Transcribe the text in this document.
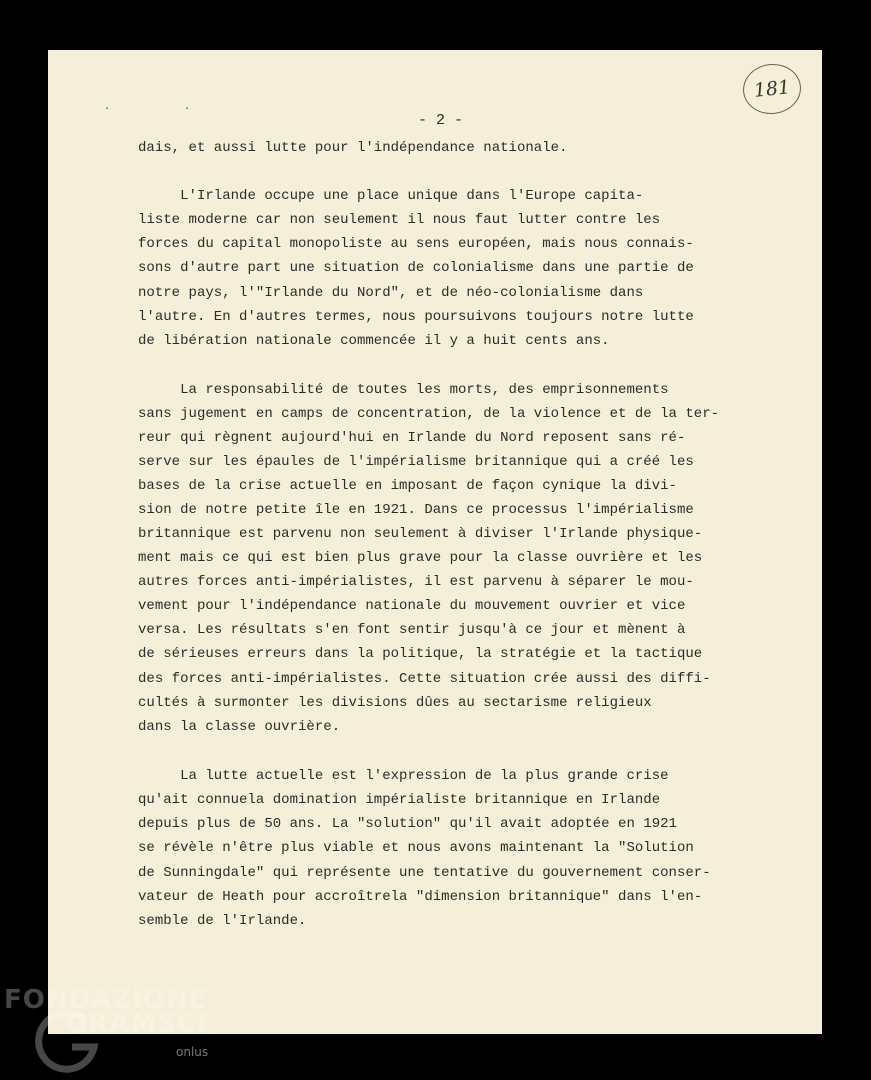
181
· ·
- 2 -

dais, et aussi lutte pour l'indépendance nationale.

L'Irlande occupe une place unique dans l'Europe capita-

liste moderne car non seulement il nous faut lutter contre les

forces du capital monopoliste au sens européen, mais nous connais-

sons d'autre part une situation de colonialisme dans une partie de

notre pays, l'"Irlande du Nord", et de néo-colonialisme dans

l'autre. En d'autres termes, nous poursuivons toujours notre lutte

de libération nationale commencée il y a huit cents ans.

La responsabilité de toutes les morts, des emprisonnements

sans jugement en camps de concentration, de la violence et de la ter-

reur qui règnent aujourd'hui en Irlande du Nord reposent sans ré-

serve sur les épaules de l'impérialisme britannique qui a créé les

bases de la crise actuelle en imposant de façon cynique la divi-

sion de notre petite île en 1921. Dans ce processus l'impérialisme

britannique est parvenu non seulement à diviser l'Irlande physique-

ment mais ce qui est bien plus grave pour la classe ouvrière et les

autres forces anti-impérialistes, il est parvenu à séparer le mou-

vement pour l'indépendance nationale du mouvement ouvrier et vice

versa. Les résultats s'en font sentir jusqu'à ce jour et mènent à

de sérieuses erreurs dans la politique, la stratégie et la tactique

des forces anti-impérialistes. Cette situation crée aussi des diffi-

cultés à surmonter les divisions dûes au sectarisme religieux

dans la classe ouvrière.

La lutte actuelle est l'expression de la plus grande crise

qu'ait connuela domination impérialiste britannique en Irlande

depuis plus de 50 ans. La "solution" qu'il avait adoptée en 1921

se révèle n'être plus viable et nous avons maintenant la "Solution

de Sunningdale" qui représente une tentative du gouvernement conser-

vateur de Heath pour accroîtrela "dimension britannique" dans l'en-

semble de l'Irlande.

FONDAZIONE
GRAMSCI
onlus
